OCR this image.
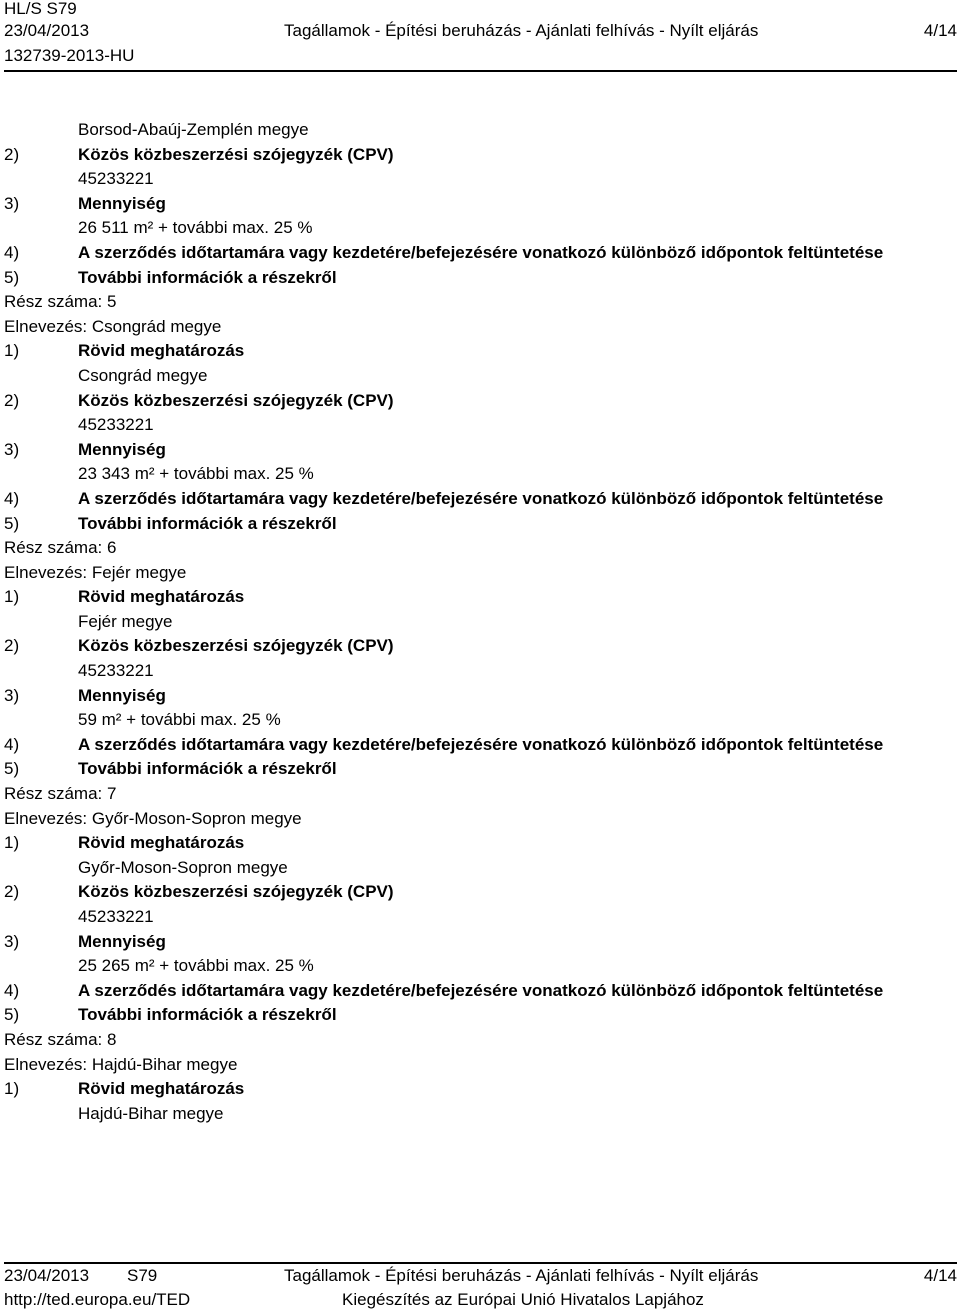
HL/S S79
23/04/2013	Tagállamok - Építési beruházás - Ajánlati felhívás - Nyílt eljárás	4/14
132739-2013-HU
Borsod-Abaúj-Zemplén megye
2)	Közös közbeszerzési szójegyzék (CPV)
45233221
3)	Mennyiség
26 511 m² + további max. 25 %
4)	A szerződés időtartamára vagy kezdetére/befejezésére vonatkozó különböző időpontok feltüntetése
5)	További információk a részekről
Rész száma: 5
Elnevezés: Csongrád megye
1)	Rövid meghatározás
Csongrád megye
2)	Közös közbeszerzési szójegyzék (CPV)
45233221
3)	Mennyiség
23 343 m² + további max. 25 %
4)	A szerződés időtartamára vagy kezdetére/befejezésére vonatkozó különböző időpontok feltüntetése
5)	További információk a részekről
Rész száma: 6
Elnevezés: Fejér megye
1)	Rövid meghatározás
Fejér megye
2)	Közös közbeszerzési szójegyzék (CPV)
45233221
3)	Mennyiség
59 m² + további max. 25 %
4)	A szerződés időtartamára vagy kezdetére/befejezésére vonatkozó különböző időpontok feltüntetése
5)	További információk a részekről
Rész száma: 7
Elnevezés: Győr-Moson-Sopron megye
1)	Rövid meghatározás
Győr-Moson-Sopron megye
2)	Közös közbeszerzési szójegyzék (CPV)
45233221
3)	Mennyiség
25 265 m² + további max. 25 %
4)	A szerződés időtartamára vagy kezdetére/befejezésére vonatkozó különböző időpontok feltüntetése
5)	További információk a részekről
Rész száma: 8
Elnevezés: Hajdú-Bihar megye
1)	Rövid meghatározás
Hajdú-Bihar megye
23/04/2013 S79	Tagállamok - Építési beruházás - Ajánlati felhívás - Nyílt eljárás	4/14
http://ted.europa.eu/TED	Kiegészítés az Európai Unió Hivatalos Lapjához
